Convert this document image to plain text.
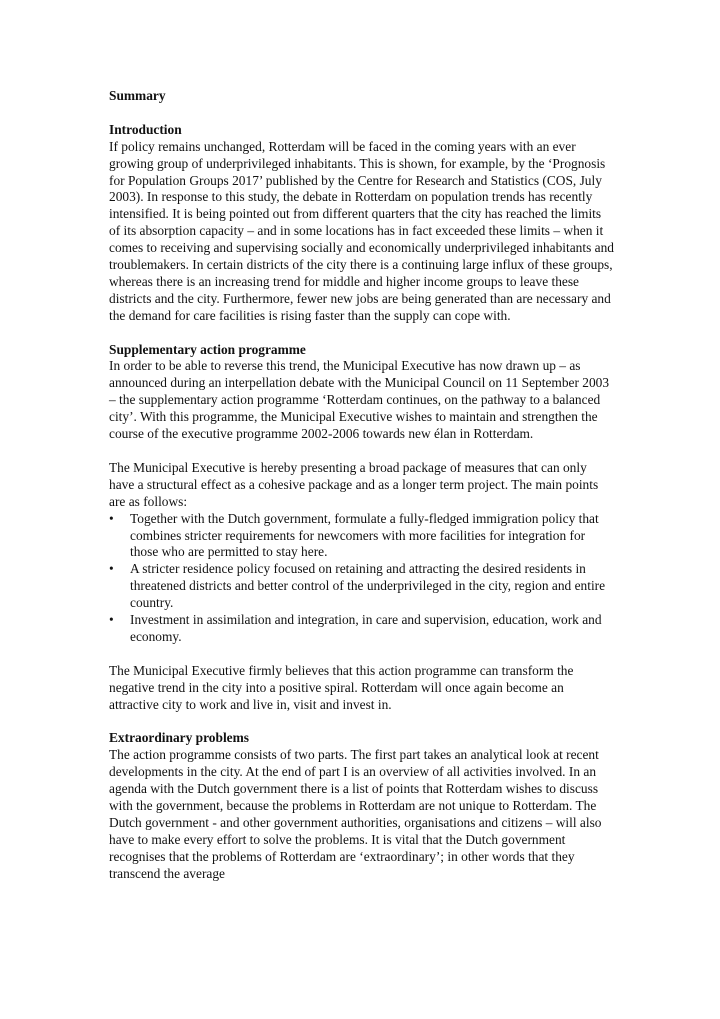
Summary

Introduction

If policy remains unchanged, Rotterdam will be faced in the coming years with an ever growing group of underprivileged inhabitants. This is shown, for example, by the ‘Prognosis for Population Groups 2017’ published by the Centre for Research and Statistics (COS, July 2003). In response to this study, the debate in Rotterdam on population trends has recently intensified. It is being pointed out from different quarters that the city has reached the limits of its absorption capacity – and in some locations has in fact exceeded these limits – when it comes to receiving and supervising socially and economically underprivileged inhabitants and troublemakers. In certain districts of the city there is a continuing large influx of these groups, whereas there is an increasing trend for middle and higher income groups to leave these districts and the city. Furthermore, fewer new jobs are being generated than are necessary and the demand for care facilities is rising faster than the supply can cope with.

Supplementary action programme

In order to be able to reverse this trend, the Municipal Executive has now drawn up – as announced during an interpellation debate with the Municipal Council on 11 September 2003 – the supplementary action programme ‘Rotterdam continues, on the pathway to a balanced city’. With this programme, the Municipal Executive wishes to maintain and strengthen the course of the executive programme 2002-2006 towards new élan in Rotterdam.

The Municipal Executive is hereby presenting a broad package of measures that can only have a structural effect as a cohesive package and as a longer term project. The main points are as follows:

• Together with the Dutch government, formulate a fully-fledged immigration policy that combines stricter requirements for newcomers with more facilities for integration for those who are permitted to stay here.
• A stricter residence policy focused on retaining and attracting the desired residents in threatened districts and better control of the underprivileged in the city, region and entire country.
• Investment in assimilation and integration, in care and supervision, education, work and economy.

The Municipal Executive firmly believes that this action programme can transform the negative trend in the city into a positive spiral. Rotterdam will once again become an attractive city to work and live in, visit and invest in.

Extraordinary problems

The action programme consists of two parts. The first part takes an analytical look at recent developments in the city. At the end of part I is an overview of all activities involved. In an agenda with the Dutch government there is a list of points that Rotterdam wishes to discuss with the government, because the problems in Rotterdam are not unique to Rotterdam. The Dutch government - and other government authorities, organisations and citizens – will also have to make every effort to solve the problems. It is vital that the Dutch government recognises that the problems of Rotterdam are ‘extraordinary’; in other words that they transcend the average
